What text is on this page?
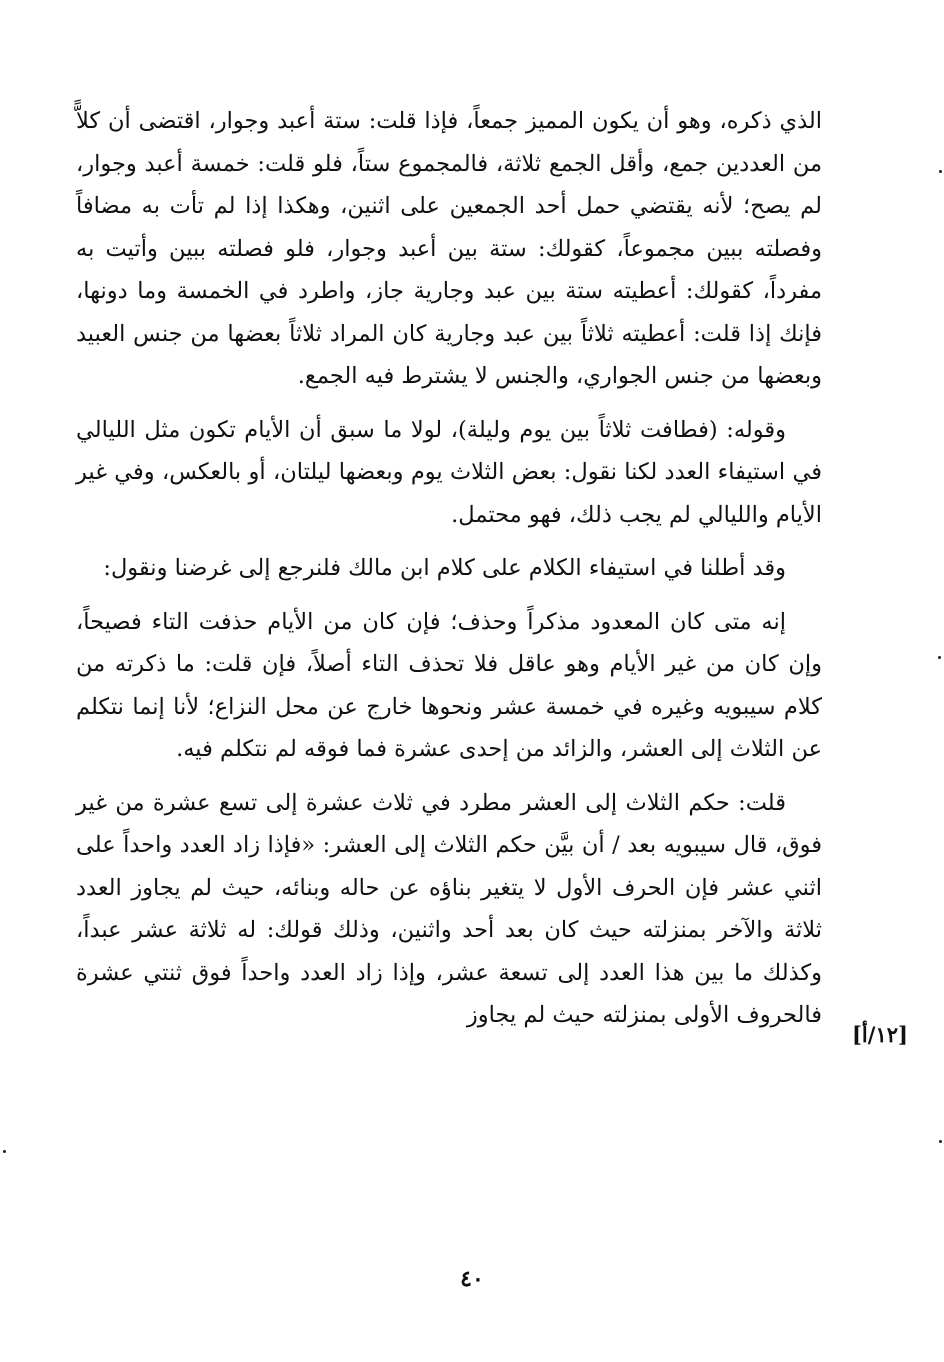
الذي ذكره، وهو أن يكون المميز جمعاً، فإذا قلت: ستة أعبد وجوار، اقتضى أن كلاًّ من العددين جمع، وأقل الجمع ثلاثة، فالمجموع ستاً، فلو قلت: خمسة أعبد وجوار، لم يصح؛ لأنه يقتضي حمل أحد الجمعين على اثنين، وهكذا إذا لم تأت به مضافاً وفصلته ببين مجموعاً، كقولك: ستة بين أعبد وجوار، فلو فصلته ببين وأتيت به مفرداً، كقولك: أعطيته ستة بين عبد وجارية جاز، واطرد في الخمسة وما دونها، فإنك إذا قلت: أعطيته ثلاثاً بين عبد وجارية كان المراد ثلاثاً بعضها من جنس العبيد وبعضها من جنس الجواري، والجنس لا يشترط فيه الجمع.

وقوله: (فطافت ثلاثاً بين يوم وليلة)، لولا ما سبق أن الأيام تكون مثل الليالي في استيفاء العدد لكنا نقول: بعض الثلاث يوم وبعضها ليلتان، أو بالعكس، وفي غير الأيام والليالي لم يجب ذلك، فهو محتمل.

وقد أطلنا في استيفاء الكلام على كلام ابن مالك فلنرجع إلى غرضنا ونقول:

إنه متى كان المعدود مذكراً وحذف؛ فإن كان من الأيام حذفت التاء فصيحاً، وإن كان من غير الأيام وهو عاقل فلا تحذف التاء أصلاً، فإن قلت: ما ذكرته من كلام سيبويه وغيره في خمسة عشر ونحوها خارج عن محل النزاع؛ لأنا إنما نتكلم عن الثلاث إلى العشر، والزائد من إحدى عشرة فما فوقه لم نتكلم فيه.

قلت: حكم الثلاث إلى العشر مطرد في ثلاث عشرة إلى تسع عشرة من غير فوق، قال سيبويه بعد / أن بيَّن حكم الثلاث إلى العشر: «فإذا زاد العدد واحداً على اثني عشر فإن الحرف الأول لا يتغير بناؤه عن حاله وبنائه، حيث لم يجاوز العدد ثلاثة والآخر بمنزلته حيث كان بعد أحد واثنين، وذلك قولك: له ثلاثة عشر عبداً، وكذلك ما بين هذا العدد إلى تسعة عشر، وإذا زاد العدد واحداً فوق ثنتي عشرة فالحروف الأولى بمنزلته حيث لم يجاوز

[١٢/أ]
٤٠
